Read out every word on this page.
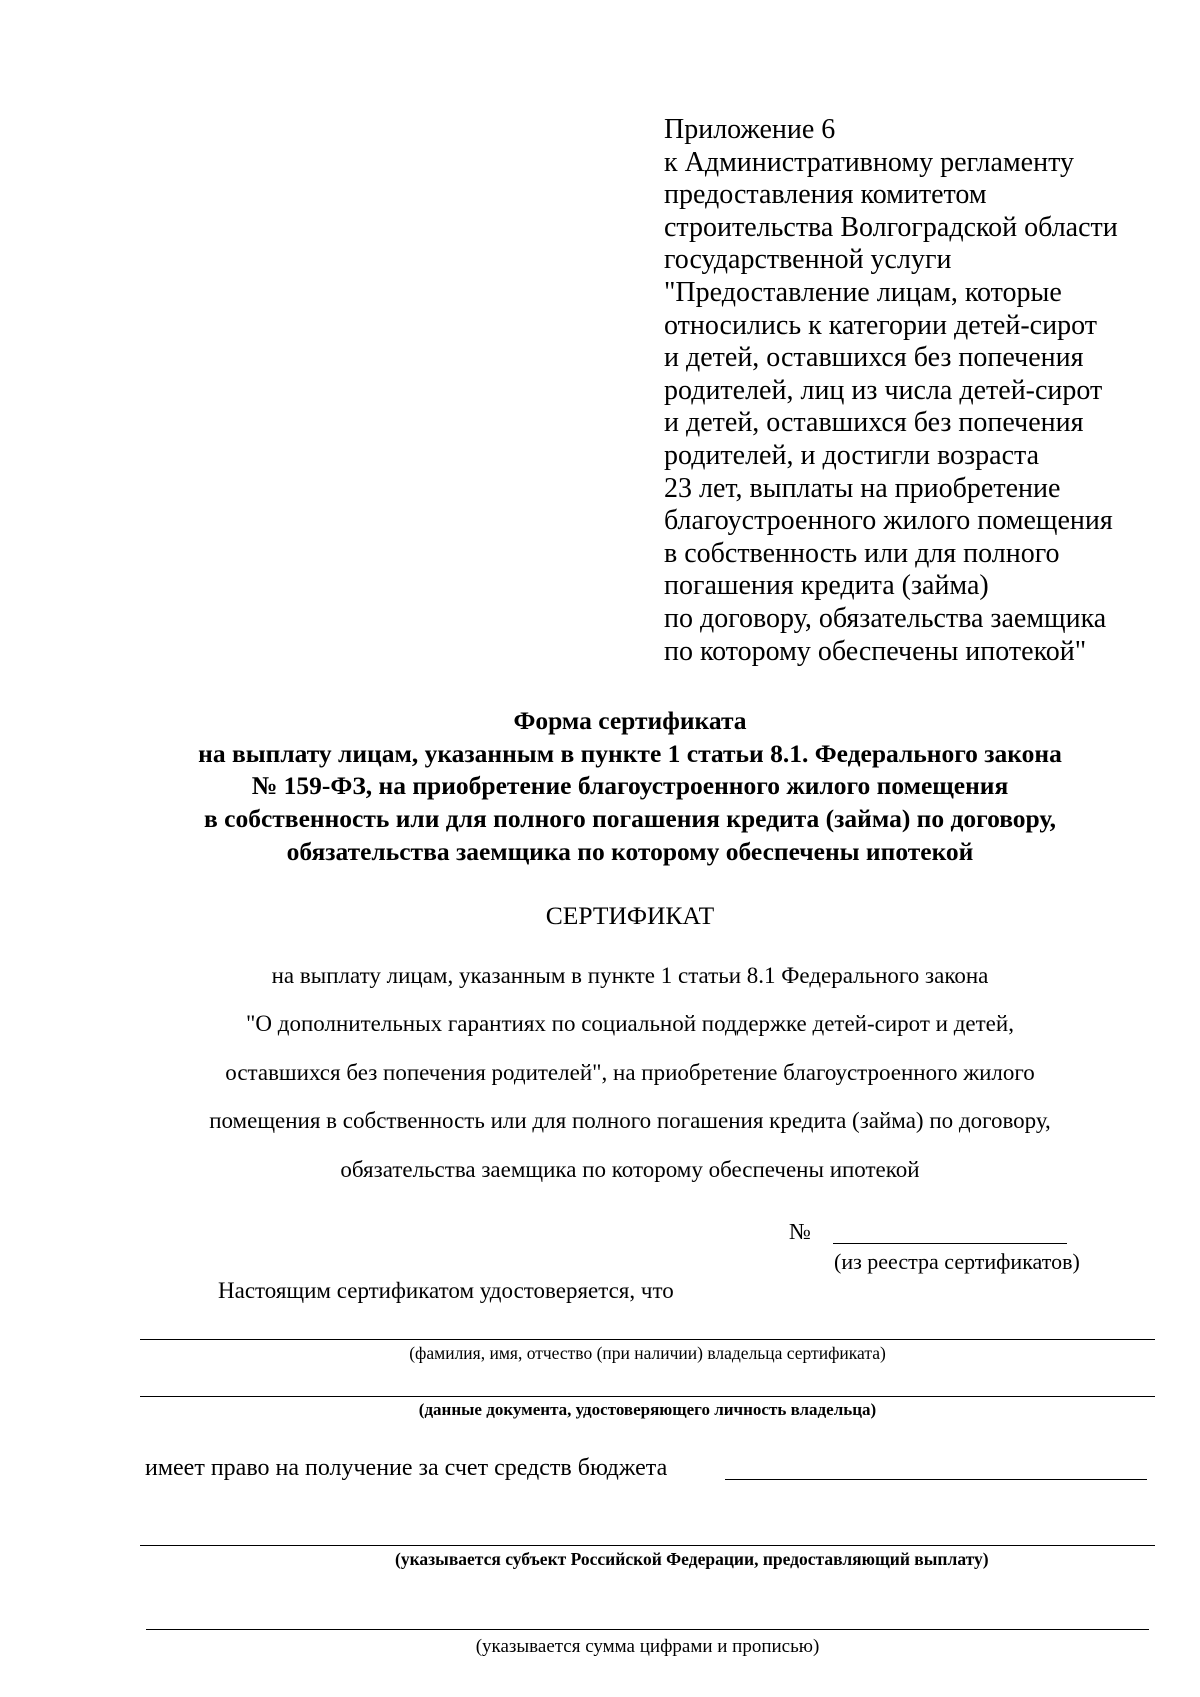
Приложение 6
к Административному регламенту
предоставления комитетом
строительства Волгоградской области
государственной услуги
"Предоставление лицам, которые
относились к категории детей-сирот
и детей, оставшихся без попечения
родителей, лиц из числа детей-сирот
и детей, оставшихся без попечения
родителей, и достигли возраста
23 лет, выплаты на приобретение
благоустроенного жилого помещения
в собственность или для полного
погашения кредита (займа)
по договору, обязательства заемщика
по которому обеспечены ипотекой"
Форма сертификата
на выплату лицам, указанным в пункте 1 статьи 8.1. Федерального закона
№ 159-ФЗ, на приобретение благоустроенного жилого помещения
в собственность или для полного погашения кредита (займа) по договору,
обязательства заемщика по которому обеспечены ипотекой
СЕРТИФИКАТ
на выплату лицам, указанным в пункте 1 статьи 8.1 Федерального закона
"О дополнительных гарантиях по социальной поддержке детей-сирот и детей,
оставшихся без попечения родителей", на приобретение благоустроенного жилого
помещения в собственность или для полного погашения кредита (займа) по договору,
обязательства заемщика по которому обеспечены ипотекой
№
(из реестра сертификатов)
Настоящим сертификатом удостоверяется, что
(фамилия, имя, отчество (при наличии) владельца сертификата)
(данные документа, удостоверяющего личность владельца)
имеет право на получение за счет средств бюджета
(указывается субъект Российской Федерации, предоставляющий выплату)
(указывается сумма цифрами и прописью)
